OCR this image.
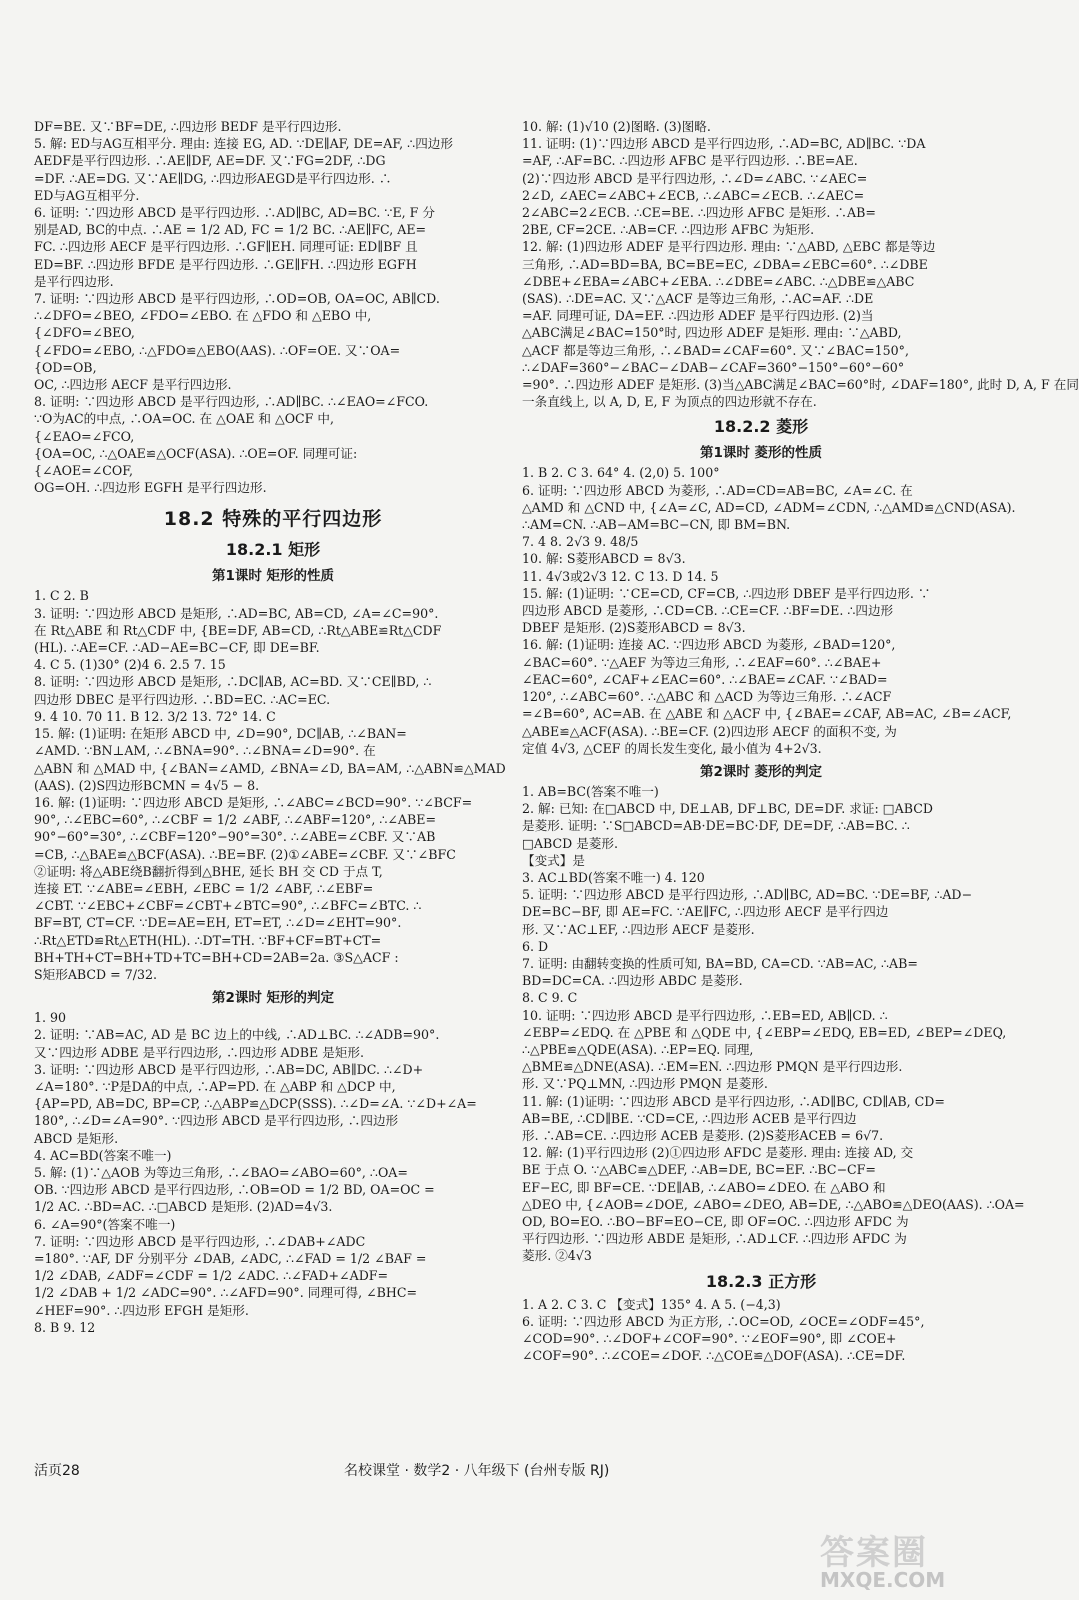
DF=BE. 又∵BF=DE, ∴四边形 BEDF 是平行四边形.
5. 解: ED与AG互相平分. 理由: 连接 EG, AD. ∵DE∥AF, DE=AF, ∴四边形
AEDF是平行四边形. ∴AE∥DF, AE=DF. 又∵FG=2DF, ∴DG
=DF. ∴AE=DG. 又∵AE∥DG, ∴四边形AEGD是平行四边形. ∴
ED与AG互相平分.
6. 证明: ∵四边形 ABCD 是平行四边形. ∴AD∥BC, AD=BC. ∵E, F 分
别是AD, BC的中点. ∴AE = 1/2 AD, FC = 1/2 BC. ∴AE∥FC, AE=
FC. ∴四边形 AECF 是平行四边形. ∴GF∥EH. 同理可证: ED∥BF 且
ED=BF. ∴四边形 BFDE 是平行四边形. ∴GE∥FH. ∴四边形 EGFH
是平行四边形.
7. 证明: ∵四边形 ABCD 是平行四边形, ∴OD=OB, OA=OC, AB∥CD.
∴∠DFO=∠BEO, ∠FDO=∠EBO. 在 △FDO 和 △EBO 中,
{∠DFO=∠BEO,
{∠FDO=∠EBO, ∴△FDO≌△EBO(AAS). ∴OF=OE. 又∵OA=
{OD=OB,
OC, ∴四边形 AECF 是平行四边形.
8. 证明: ∵四边形 ABCD 是平行四边形, ∴AD∥BC. ∴∠EAO=∠FCO.
∵O为AC的中点, ∴OA=OC. 在 △OAE 和 △OCF 中,
{∠EAO=∠FCO,
{OA=OC, ∴△OAE≌△OCF(ASA). ∴OE=OF. 同理可证:
{∠AOE=∠COF,
OG=OH. ∴四边形 EGFH 是平行四边形.
18.2 特殊的平行四边形
18.2.1 矩形
第1课时 矩形的性质
1. C 2. B
3. 证明: ∵四边形 ABCD 是矩形, ∴AD=BC, AB=CD, ∠A=∠C=90°.
在 Rt△ABE 和 Rt△CDF 中, {BE=DF, AB=CD, ∴Rt△ABE≌Rt△CDF
(HL). ∴AE=CF. ∴AD−AE=BC−CF, 即 DE=BF.
4. C 5. (1)30° (2)4 6. 2.5 7. 15
8. 证明: ∵四边形 ABCD 是矩形, ∴DC∥AB, AC=BD. 又∵CE∥BD, ∴
四边形 DBEC 是平行四边形. ∴BD=EC. ∴AC=EC.
9. 4 10. 70 11. B 12. 3/2 13. 72° 14. C
15. 解: (1)证明: 在矩形 ABCD 中, ∠D=90°, DC∥AB, ∴∠BAN=
∠AMD. ∵BN⊥AM, ∴∠BNA=90°. ∴∠BNA=∠D=90°. 在
△ABN 和 △MAD 中, {∠BAN=∠AMD, ∠BNA=∠D, BA=AM, ∴△ABN≌△MAD
(AAS). (2)S四边形BCMN = 4√5 − 8.
16. 解: (1)证明: ∵四边形 ABCD 是矩形, ∴∠ABC=∠BCD=90°. ∵∠BCF=
90°, ∴∠EBC=60°, ∴∠CBF = 1/2 ∠ABF, ∴∠ABF=120°, ∴∠ABE=
90°−60°=30°, ∴∠CBF=120°−90°=30°. ∴∠ABE=∠CBF. 又∵AB
=CB, ∴△BAE≌△BCF(ASA). ∴BE=BF. (2)①∠ABE=∠CBF. 又∵∠BFC
②证明: 将△ABE绕B翻折得到△BHE, 延长 BH 交 CD 于点 T,
连接 ET. ∵∠ABE=∠EBH, ∠EBC = 1/2 ∠ABF, ∴∠EBF=
∠CBT. ∵∠EBC+∠CBF=∠CBT+∠BTC=90°, ∴∠BFC=∠BTC. ∴
BF=BT, CT=CF. ∵DE=AE=EH, ET=ET, ∴∠D=∠EHT=90°.
∴Rt△ETD≌Rt△ETH(HL). ∴DT=TH. ∵BF+CF=BT+CT=
BH+TH+CT=BH+TD+TC=BH+CD=2AB=2a. ③S△ACF :
S矩形ABCD = 7/32.
第2课时 矩形的判定
1. 90
2. 证明: ∵AB=AC, AD 是 BC 边上的中线, ∴AD⊥BC. ∴∠ADB=90°.
又∵四边形 ADBE 是平行四边形, ∴四边形 ADBE 是矩形.
3. 证明: ∵四边形 ABCD 是平行四边形, ∴AB=DC, AB∥DC. ∴∠D+
∠A=180°. ∵P是DA的中点, ∴AP=PD. 在 △ABP 和 △DCP 中,
{AP=PD, AB=DC, BP=CP, ∴△ABP≌△DCP(SSS). ∴∠D=∠A. ∵∠D+∠A=
180°, ∴∠D=∠A=90°. ∵四边形 ABCD 是平行四边形, ∴四边形
ABCD 是矩形.
4. AC=BD(答案不唯一)
5. 解: (1)∵△AOB 为等边三角形, ∴∠BAO=∠ABO=60°, ∴OA=
OB. ∵四边形 ABCD 是平行四边形, ∴OB=OD = 1/2 BD, OA=OC =
1/2 AC. ∴BD=AC. ∴□ABCD 是矩形. (2)AD=4√3.
6. ∠A=90°(答案不唯一)
7. 证明: ∵四边形 ABCD 是平行四边形, ∴∠DAB+∠ADC
=180°. ∵AF, DF 分别平分 ∠DAB, ∠ADC, ∴∠FAD = 1/2 ∠BAF =
1/2 ∠DAB, ∠ADF=∠CDF = 1/2 ∠ADC. ∴∠FAD+∠ADF=
1/2 ∠DAB + 1/2 ∠ADC=90°. ∴∠AFD=90°. 同理可得, ∠BHC=
∠HEF=90°. ∴四边形 EFGH 是矩形.
8. B 9. 12
10. 解: (1)√10 (2)图略. (3)图略.
11. 证明: (1)∵四边形 ABCD 是平行四边形, ∴AD=BC, AD∥BC. ∵DA
=AF, ∴AF=BC. ∴四边形 AFBC 是平行四边形. ∴BE=AE.
(2)∵四边形 ABCD 是平行四边形, ∴∠D=∠ABC. ∵∠AEC=
2∠D, ∠AEC=∠ABC+∠ECB, ∴∠ABC=∠ECB. ∴∠AEC=
2∠ABC=2∠ECB. ∴CE=BE. ∴四边形 AFBC 是矩形. ∴AB=
2BE, CF=2CE. ∴AB=CF. ∴四边形 AFBC 为矩形.
12. 解: (1)四边形 ADEF 是平行四边形. 理由: ∵△ABD, △EBC 都是等边
三角形, ∴AD=BD=BA, BC=BE=EC, ∠DBA=∠EBC=60°. ∴∠DBE
∠DBE+∠EBA=∠ABC+∠EBA. ∴∠DBE=∠ABC. ∴△DBE≌△ABC
(SAS). ∴DE=AC. 又∵△ACF 是等边三角形, ∴AC=AF. ∴DE
=AF. 同理可证, DA=EF. ∴四边形 ADEF 是平行四边形. (2)当
△ABC满足∠BAC=150°时, 四边形 ADEF 是矩形. 理由: ∵△ABD,
△ACF 都是等边三角形, ∴∠BAD=∠CAF=60°. 又∵∠BAC=150°,
∴∠DAF=360°−∠BAC−∠DAB−∠CAF=360°−150°−60°−60°
=90°. ∴四边形 ADEF 是矩形. (3)当△ABC满足∠BAC=60°时, ∠DAF=180°, 此时 D, A, F 在同
一条直线上, 以 A, D, E, F 为顶点的四边形就不存在.
18.2.2 菱形
第1课时 菱形的性质
1. B 2. C 3. 64° 4. (2,0) 5. 100°
6. 证明: ∵四边形 ABCD 为菱形, ∴AD=CD=AB=BC, ∠A=∠C. 在
△AMD 和 △CND 中, {∠A=∠C, AD=CD, ∠ADM=∠CDN, ∴△AMD≌△CND(ASA).
∴AM=CN. ∴AB−AM=BC−CN, 即 BM=BN.
7. 4 8. 2√3 9. 48/5
10. 解: S菱形ABCD = 8√3.
11. 4√3或2√3 12. C 13. D 14. 5
15. 解: (1)证明: ∵CE=CD, CF=CB, ∴四边形 DBEF 是平行四边形. ∵
四边形 ABCD 是菱形, ∴CD=CB. ∴CE=CF. ∴BF=DE. ∴四边形
DBEF 是矩形. (2)S菱形ABCD = 8√3.
16. 解: (1)证明: 连接 AC. ∵四边形 ABCD 为菱形, ∠BAD=120°,
∠BAC=60°. ∵△AEF 为等边三角形, ∴∠EAF=60°. ∴∠BAE+
∠EAC=60°, ∠CAF+∠EAC=60°. ∴∠BAE=∠CAF. ∵∠BAD=
120°, ∴∠ABC=60°. ∴△ABC 和 △ACD 为等边三角形. ∴∠ACF
=∠B=60°, AC=AB. 在 △ABE 和 △ACF 中, {∠BAE=∠CAF, AB=AC, ∠B=∠ACF,
△ABE≌△ACF(ASA). ∴BE=CF. (2)四边形 AECF 的面积不变, 为
定值 4√3, △CEF 的周长发生变化, 最小值为 4+2√3.
第2课时 菱形的判定
1. AB=BC(答案不唯一)
2. 解: 已知: 在□ABCD 中, DE⊥AB, DF⊥BC, DE=DF. 求证: □ABCD
是菱形. 证明: ∵S□ABCD=AB·DE=BC·DF, DE=DF, ∴AB=BC. ∴
□ABCD 是菱形.
【变式】是
3. AC⊥BD(答案不唯一) 4. 120
5. 证明: ∵四边形 ABCD 是平行四边形, ∴AD∥BC, AD=BC. ∵DE=BF, ∴AD−
DE=BC−BF, 即 AE=FC. ∵AE∥FC, ∴四边形 AECF 是平行四边
形. 又∵AC⊥EF, ∴四边形 AECF 是菱形.
6. D
7. 证明: 由翻转变换的性质可知, BA=BD, CA=CD. ∵AB=AC, ∴AB=
BD=DC=CA. ∴四边形 ABDC 是菱形.
8. C 9. C
10. 证明: ∵四边形 ABCD 是平行四边形, ∴EB=ED, AB∥CD. ∴
∠EBP=∠EDQ. 在 △PBE 和 △QDE 中, {∠EBP=∠EDQ, EB=ED, ∠BEP=∠DEQ,
∴△PBE≌△QDE(ASA). ∴EP=EQ. 同理,
△BME≌△DNE(ASA). ∴EM=EN. ∴四边形 PMQN 是平行四边形.
形. 又∵PQ⊥MN, ∴四边形 PMQN 是菱形.
11. 解: (1)证明: ∵四边形 ABCD 是平行四边形, ∴AD∥BC, CD∥AB, CD=
AB=BE, ∴CD∥BE. ∵CD=CE, ∴四边形 ACEB 是平行四边
形. ∴AB=CE. ∴四边形 ACEB 是菱形. (2)S菱形ACEB = 6√7.
12. 解: (1)平行四边形 (2)①四边形 AFDC 是菱形. 理由: 连接 AD, 交
BE 于点 O. ∵△ABC≌△DEF, ∴AB=DE, BC=EF. ∴BC−CF=
EF−EC, 即 BF=CE. ∵DE∥AB, ∴∠ABO=∠DEO. 在 △ABO 和
△DEO 中, {∠AOB=∠DOE, ∠ABO=∠DEO, AB=DE, ∴△ABO≌△DEO(AAS). ∴OA=
OD, BO=EO. ∴BO−BF=EO−CE, 即 OF=OC. ∴四边形 AFDC 为
平行四边形. ∵四边形 ABDE 是矩形, ∴AD⊥CF. ∴四边形 AFDC 为
菱形. ②4√3
18.2.3 正方形
1. A 2. C 3. C 【变式】135° 4. A 5. (−4,3)
6. 证明: ∵四边形 ABCD 为正方形, ∴OC=OD, ∠OCE=∠ODF=45°,
∠COD=90°. ∴∠DOF+∠COF=90°. ∵∠EOF=90°, 即 ∠COE+
∠COF=90°. ∴∠COE=∠DOF. ∴△COE≌△DOF(ASA). ∴CE=DF.
活页28	名校课堂 · 数学2 · 八年级下 (台州专版 RJ)
答案圈
MXQE.COM
